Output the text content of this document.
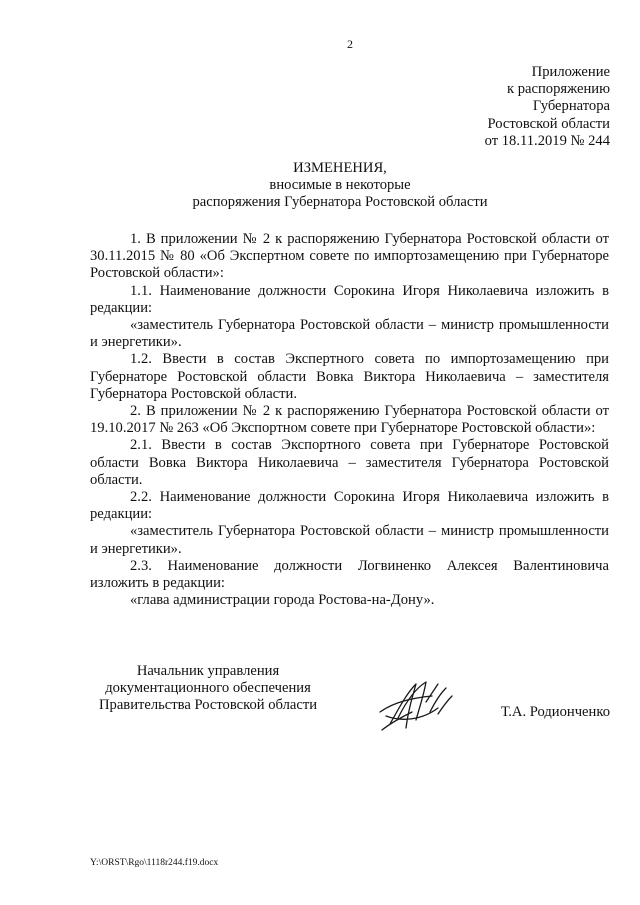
2
Приложение
к распоряжению
Губернатора
Ростовской области
от 18.11.2019 № 244
ИЗМЕНЕНИЯ,
вносимые в некоторые
распоряжения Губернатора Ростовской области

1. В приложении № 2 к распоряжению Губернатора Ростовской области от 30.11.2015 № 80 «Об Экспертном совете по импортозамещению при Губернаторе Ростовской области»:

1.1. Наименование должности Сорокина Игоря Николаевича изложить в редакции:

«заместитель Губернатора Ростовской области – министр промышленности и энергетики».

1.2. Ввести в состав Экспертного совета по импортозамещению при Губернаторе Ростовской области Вовка Виктора Николаевича – заместителя Губернатора Ростовской области.

2. В приложении № 2 к распоряжению Губернатора Ростовской области от 19.10.2017 № 263 «Об Экспортном совете при Губернаторе Ростовской области»:

2.1. Ввести в состав Экспортного совета при Губернаторе Ростовской области Вовка Виктора Николаевича – заместителя Губернатора Ростовской области.

2.2. Наименование должности Сорокина Игоря Николаевича изложить в редакции:

«заместитель Губернатора Ростовской области – министр промышленности и энергетики».

2.3. Наименование должности Логвиненко Алексея Валентиновича изложить в редакции:

«глава администрации города Ростова-на-Дону».

Начальник управления
документационного обеспечения
Правительства Ростовской области	Т.А. Родионченко
Y:\ORST\Rgo\1118r244.f19.docx
